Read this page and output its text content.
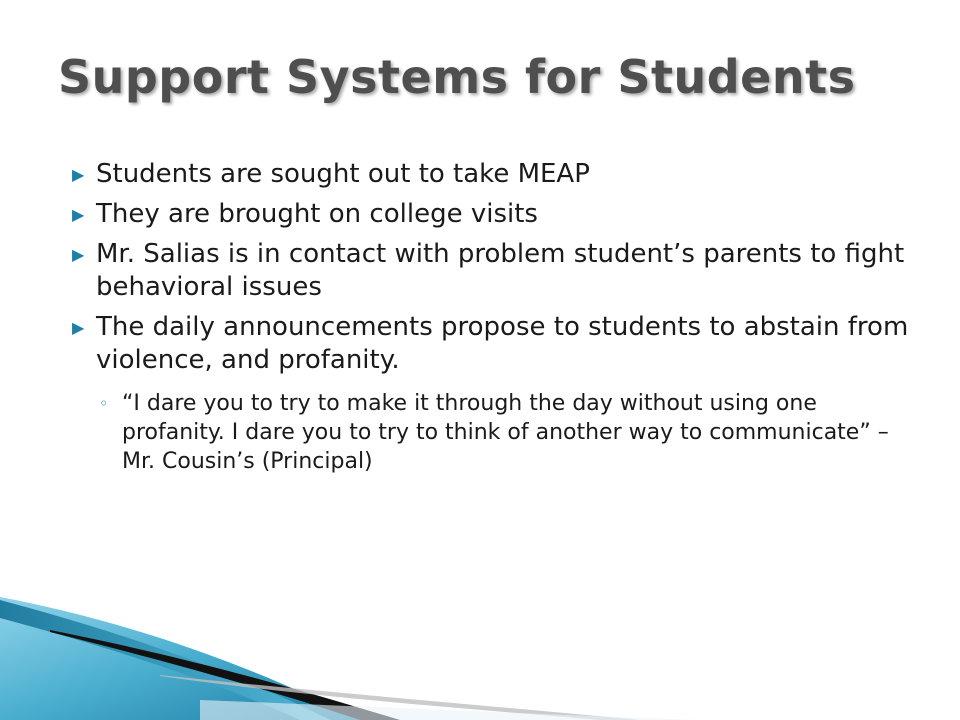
Support Systems for Students
▶ Students are sought out to take MEAP
▶ They are brought on college visits
▶ Mr. Salias is in contact with problem student’s parents to fight behavioral issues
▶ The daily announcements propose to students to abstain from violence, and profanity.
◦ “I dare you to try to make it through the day without using one profanity. I dare you to try to think of another way to communicate” –Mr. Cousin’s (Principal)
